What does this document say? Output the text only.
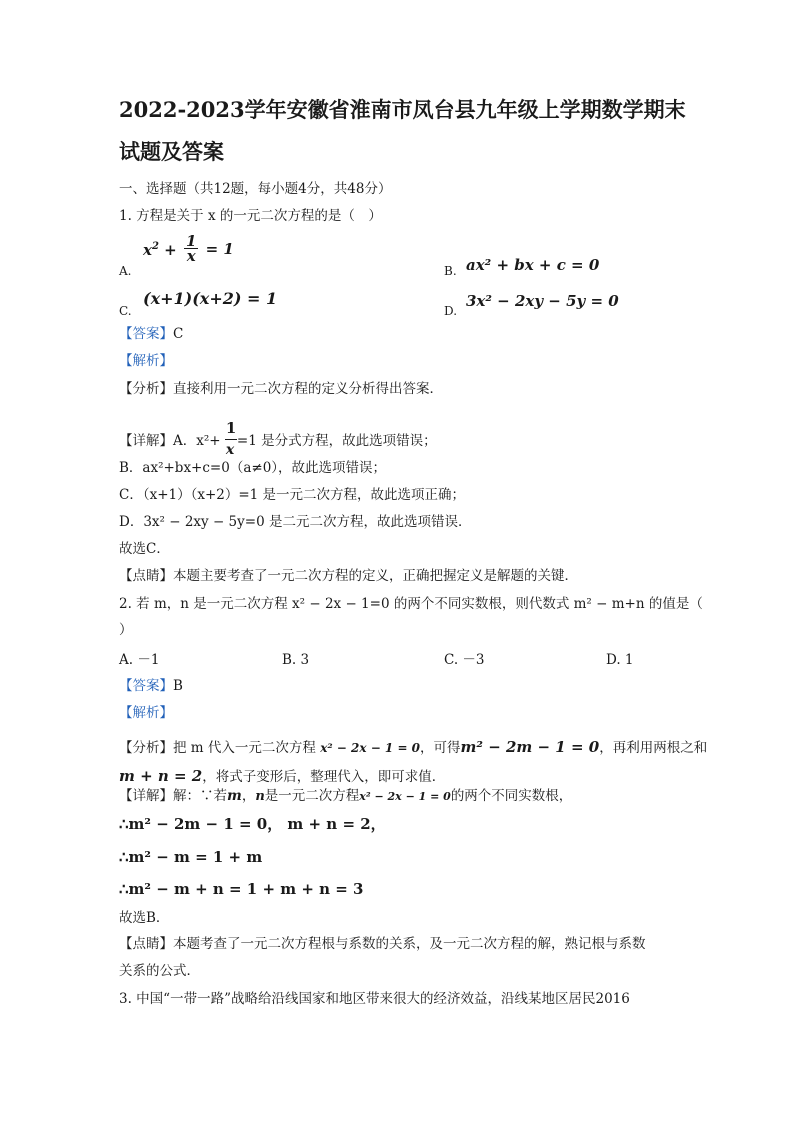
2022-2023学年安徽省淮南市凤台县九年级上学期数学期末
试题及答案
一、选择题（共12题，每小题4分，共48分）
1. 方程是关于 x 的一元二次方程的是（　）
A.
$x^2 + \frac{1}{x} = 1$
B. ax² + bx + c = 0
C.
(x+1)(x+2) = 1
D.
3x² − 2xy − 5y = 0
【答案】C
【解析】
【分析】直接利用一元二次方程的定义分析得出答案．
【详解】A．x²+
$\frac{1}{x}$
=1 是分式方程，故此选项错误；
B．ax²+bx+c=0（a≠0），故此选项错误；
C．（x+1）（x+2）=1 是一元二次方程，故此选项正确；
D．3x² − 2xy − 5y=0 是二元二次方程，故此选项错误．
故选C．
【点睛】本题主要考查了一元二次方程的定义，正确把握定义是解题的关键．
2. 若 m，n 是一元二次方程 x² − 2x − 1=0 的两个不同实数根，则代数式 m² − m+n 的值是（
）
A. －1	B. 3	C. －3	D. 1
【答案】B
【解析】
【分析】把 m 代入一元二次方程 x² − 2x − 1 = 0，可得m² − 2m − 1 = 0，再利用两根之和
m + n = 2，将式子变形后，整理代入，即可求值．
【详解】解：∵若m，n是一元二次方程x² − 2x − 1 = 0的两个不同实数根，
∴m² − 2m − 1 = 0， m + n = 2，
∴m² − m = 1 + m
∴m² − m + n = 1 + m + n = 3
故选B．
【点睛】本题考查了一元二次方程根与系数的关系，及一元二次方程的解，熟记根与系数
关系的公式．
3. 中国“一带一路”战略给沿线国家和地区带来很大的经济效益，沿线某地区居民2016
